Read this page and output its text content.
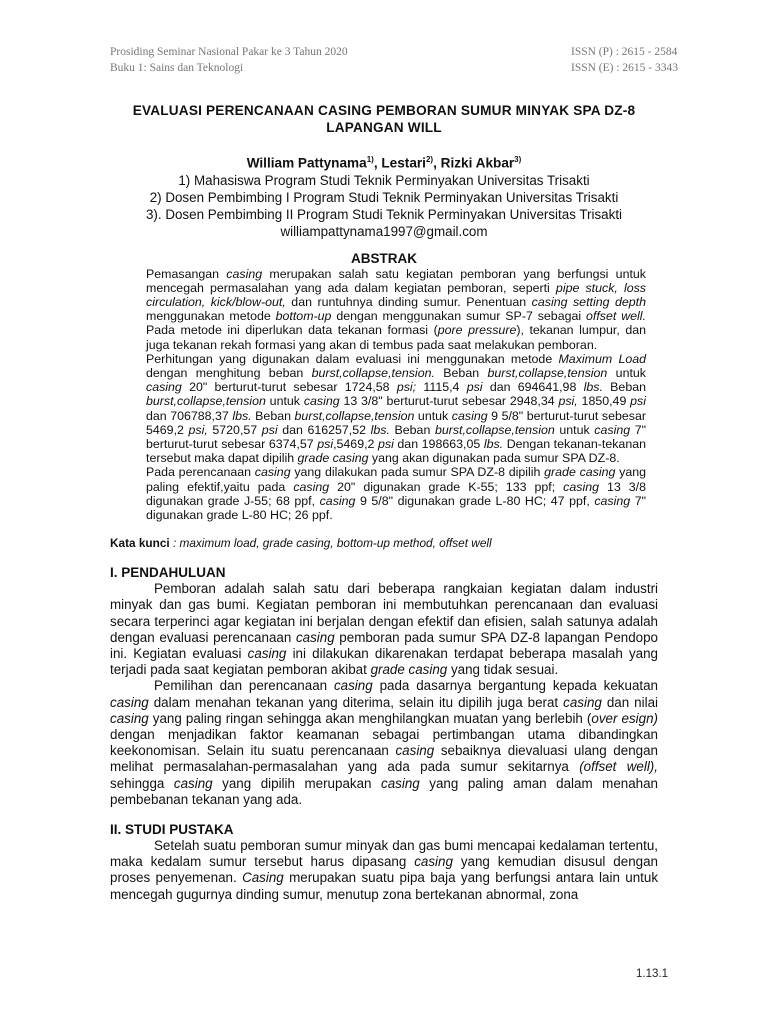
Prosiding Seminar Nasional Pakar ke 3 Tahun 2020
Buku 1: Sains dan Teknologi
ISSN (P) : 2615 - 2584
ISSN (E) : 2615 - 3343
EVALUASI PERENCANAAN CASING PEMBORAN SUMUR MINYAK SPA DZ-8
LAPANGAN WILL
William Pattynama$^{1)}$, Lestari$^{2)}$, Rizki Akbar$^{3)}$
1) Mahasiswa Program Studi Teknik Perminyakan Universitas Trisakti
2) Dosen Pembimbing I Program Studi Teknik Perminyakan Universitas Trisakti
3). Dosen Pembimbing II Program Studi Teknik Perminyakan Universitas Trisakti
williampattynama1997@gmail.com
ABSTRAK

Pemasangan casing merupakan salah satu kegiatan pemboran yang berfungsi untuk mencegah permasalahan yang ada dalam kegiatan pemboran, seperti pipe stuck, loss circulation, kick/blow-out, dan runtuhnya dinding sumur. Penentuan casing setting depth menggunakan metode bottom-up dengan menggunakan sumur SP-7 sebagai offset well. Pada metode ini diperlukan data tekanan formasi (pore pressure), tekanan lumpur, dan juga tekanan rekah formasi yang akan di tembus pada saat melakukan pemboran.

Perhitungan yang digunakan dalam evaluasi ini menggunakan metode Maximum Load dengan menghitung beban burst,collapse,tension. Beban burst,collapse,tension untuk casing 20" berturut-turut sebesar 1724,58 psi; 1115,4 psi dan 694641,98 lbs. Beban burst,collapse,tension untuk casing 13 3/8" berturut-turut sebesar 2948,34 psi, 1850,49 psi dan 706788,37 lbs. Beban burst,collapse,tension untuk casing 9 5/8" berturut-turut sebesar 5469,2 psi, 5720,57 psi dan 616257,52 lbs. Beban burst,collapse,tension untuk casing 7" berturut-turut sebesar 6374,57 psi,5469,2 psi dan 198663,05 lbs. Dengan tekanan-tekanan tersebut maka dapat dipilih grade casing yang akan digunakan pada sumur SPA DZ-8.

Pada perencanaan casing yang dilakukan pada sumur SPA DZ-8 dipilih grade casing yang paling efektif,yaitu pada casing 20" digunakan grade K-55; 133 ppf; casing 13 3/8 digunakan grade J-55; 68 ppf, casing 9 5/8" digunakan grade L-80 HC; 47 ppf, casing 7" digunakan grade L-80 HC; 26 ppf.

Kata kunci : maximum load, grade casing, bottom-up method, offset well
I. PENDAHULUAN

Pemboran adalah salah satu dari beberapa rangkaian kegiatan dalam industri minyak dan gas bumi. Kegiatan pemboran ini membutuhkan perencanaan dan evaluasi secara terperinci agar kegiatan ini berjalan dengan efektif dan efisien, salah satunya adalah dengan evaluasi perencanaan casing pemboran pada sumur SPA DZ-8 lapangan Pendopo ini. Kegiatan evaluasi casing ini dilakukan dikarenakan terdapat beberapa masalah yang terjadi pada saat kegiatan pemboran akibat grade casing yang tidak sesuai.

Pemilihan dan perencanaan casing pada dasarnya bergantung kepada kekuatan casing dalam menahan tekanan yang diterima, selain itu dipilih juga berat casing dan nilai casing yang paling ringan sehingga akan menghilangkan muatan yang berlebih (over esign) dengan menjadikan faktor keamanan sebagai pertimbangan utama dibandingkan keekonomisan. Selain itu suatu perencanaan casing sebaiknya dievaluasi ulang dengan melihat permasalahan-permasalahan yang ada pada sumur sekitarnya (offset well), sehingga casing yang dipilih merupakan casing yang paling aman dalam menahan pembebanan tekanan yang ada.

II. STUDI PUSTAKA

Setelah suatu pemboran sumur minyak dan gas bumi mencapai kedalaman tertentu, maka kedalam sumur tersebut harus dipasang casing yang kemudian disusul dengan proses penyemenan. Casing merupakan suatu pipa baja yang berfungsi antara lain untuk mencegah gugurnya dinding sumur, menutup zona bertekanan abnormal, zona

1.13.1
